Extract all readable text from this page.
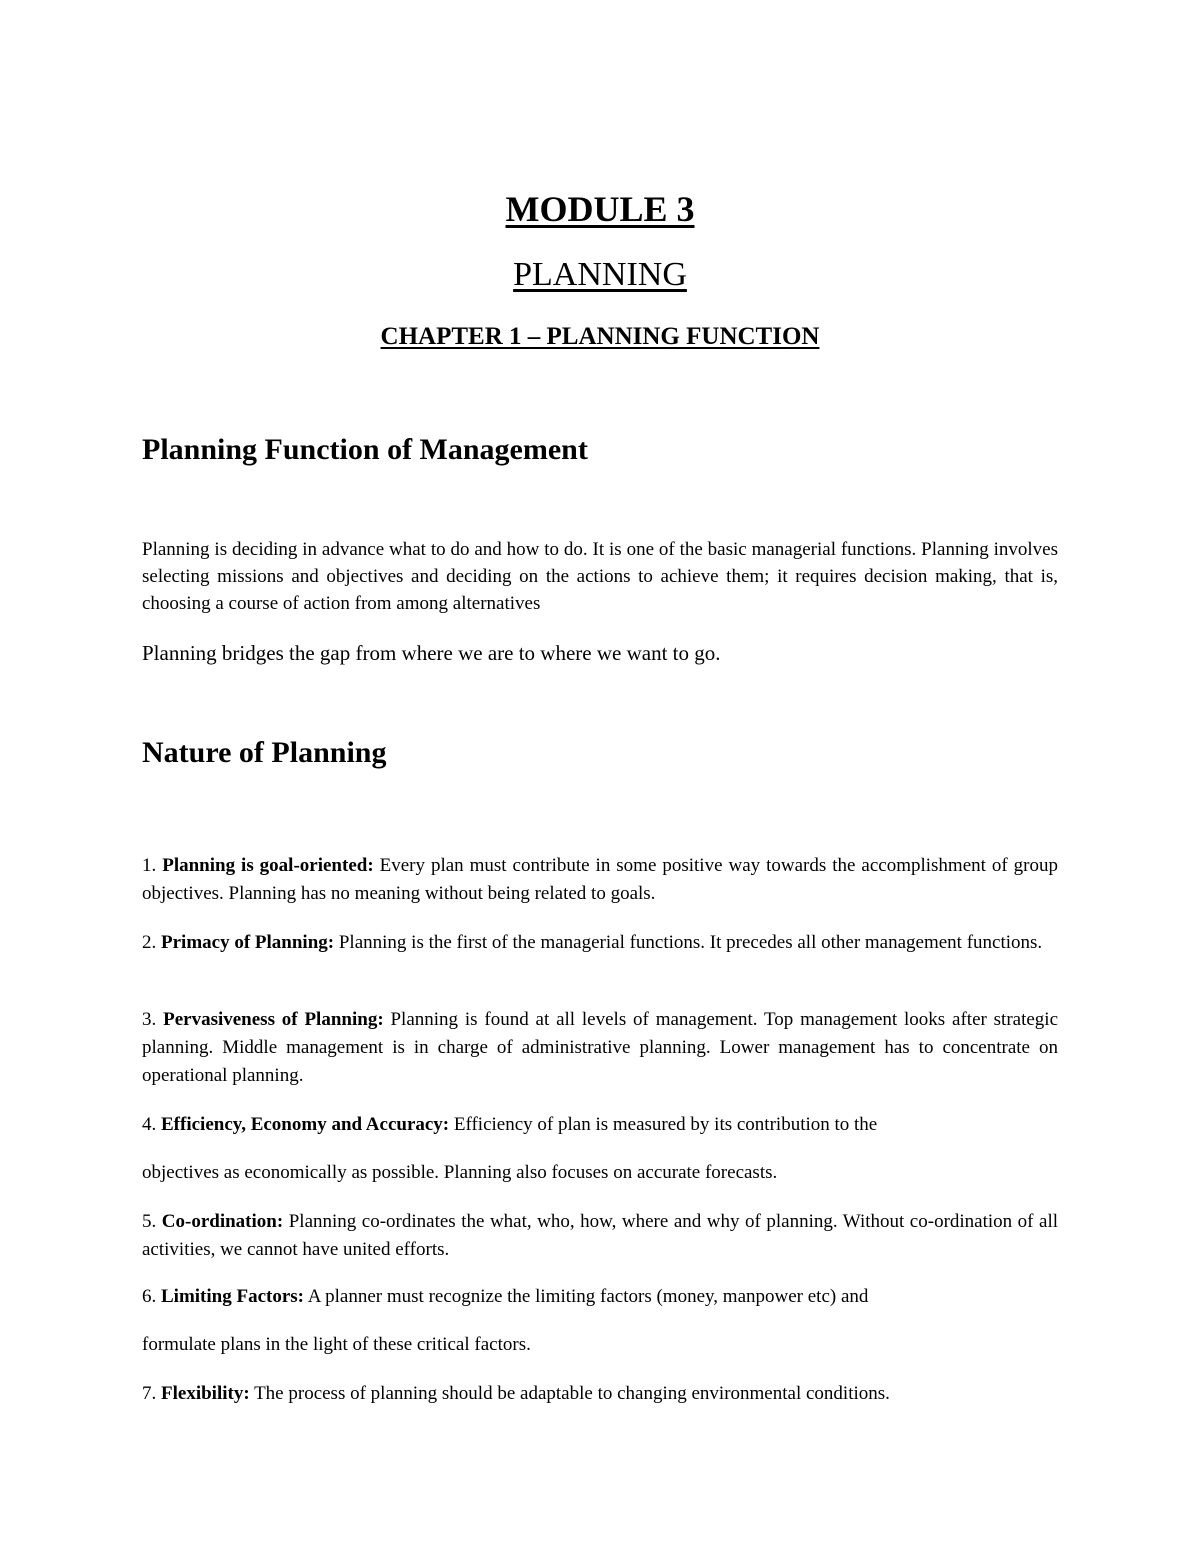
MODULE 3
PLANNING
CHAPTER 1 – PLANNING FUNCTION
Planning Function of Management
Planning is deciding in advance what to do and how to do. It is one of the basic managerial functions. Planning involves selecting missions and objectives and deciding on the actions to achieve them; it requires decision making, that is, choosing a course of action from among alternatives
Planning bridges the gap from where we are to where we want to go.
Nature of Planning
1. Planning is goal-oriented: Every plan must contribute in some positive way towards the accomplishment of group objectives. Planning has no meaning without being related to goals.
2. Primacy of Planning: Planning is the first of the managerial functions. It precedes all other management functions.
3. Pervasiveness of Planning: Planning is found at all levels of management. Top management looks after strategic planning. Middle management is in charge of administrative planning. Lower management has to concentrate on operational planning.
4. Efficiency, Economy and Accuracy: Efficiency of plan is measured by its contribution to the
objectives as economically as possible. Planning also focuses on accurate forecasts.
5. Co-ordination: Planning co-ordinates the what, who, how, where and why of planning. Without co-ordination of all activities, we cannot have united efforts.
6. Limiting Factors: A planner must recognize the limiting factors (money, manpower etc) and
formulate plans in the light of these critical factors.
7. Flexibility: The process of planning should be adaptable to changing environmental conditions.
